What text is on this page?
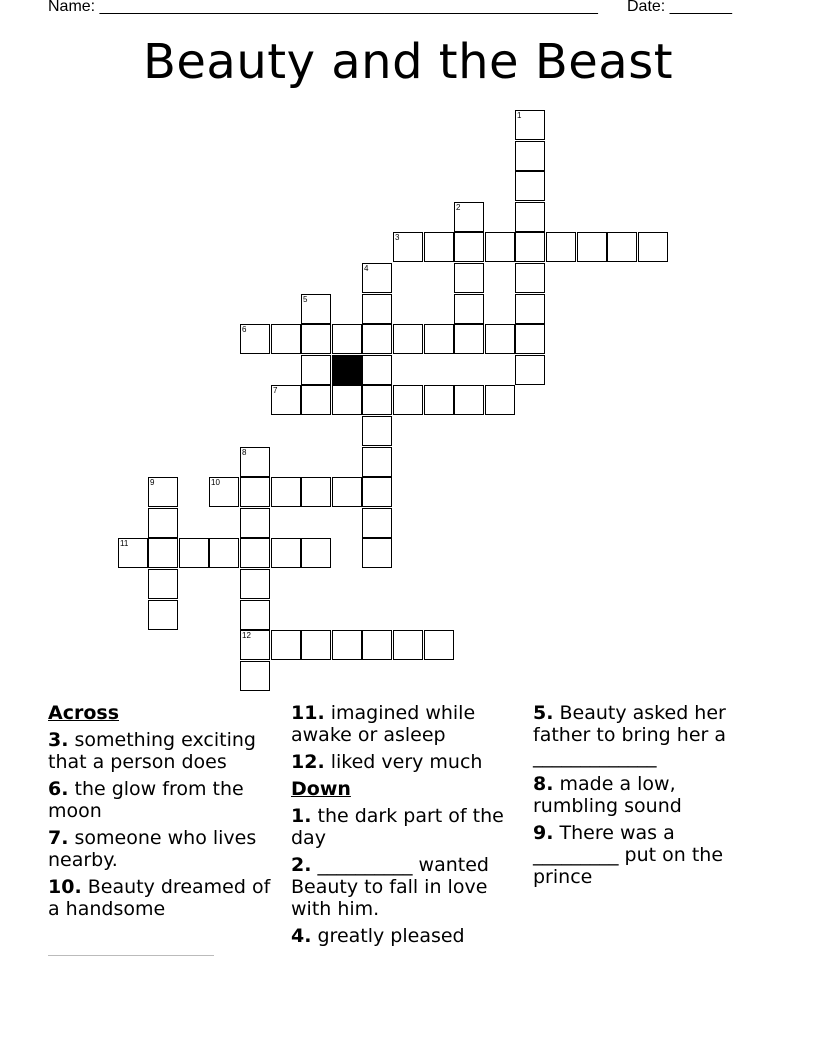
Name: ________________________________________________________ Date: _______
Beauty and the Beast
1
2
3
4
5
6
7
8
12
9	10
11
Across
3. something exciting that a person does
6. the glow from the moon
7. someone who lives nearby.
10. Beauty dreamed of a handsome
11. imagined while awake or asleep
12. liked very much
Down
1. the dark part of the day
2. __________ wanted Beauty to fall in love with him.
4. greatly pleased
5. Beauty asked her father to bring her a _____________
8. made a low, rumbling sound
9. There was a _________ put on the prince
